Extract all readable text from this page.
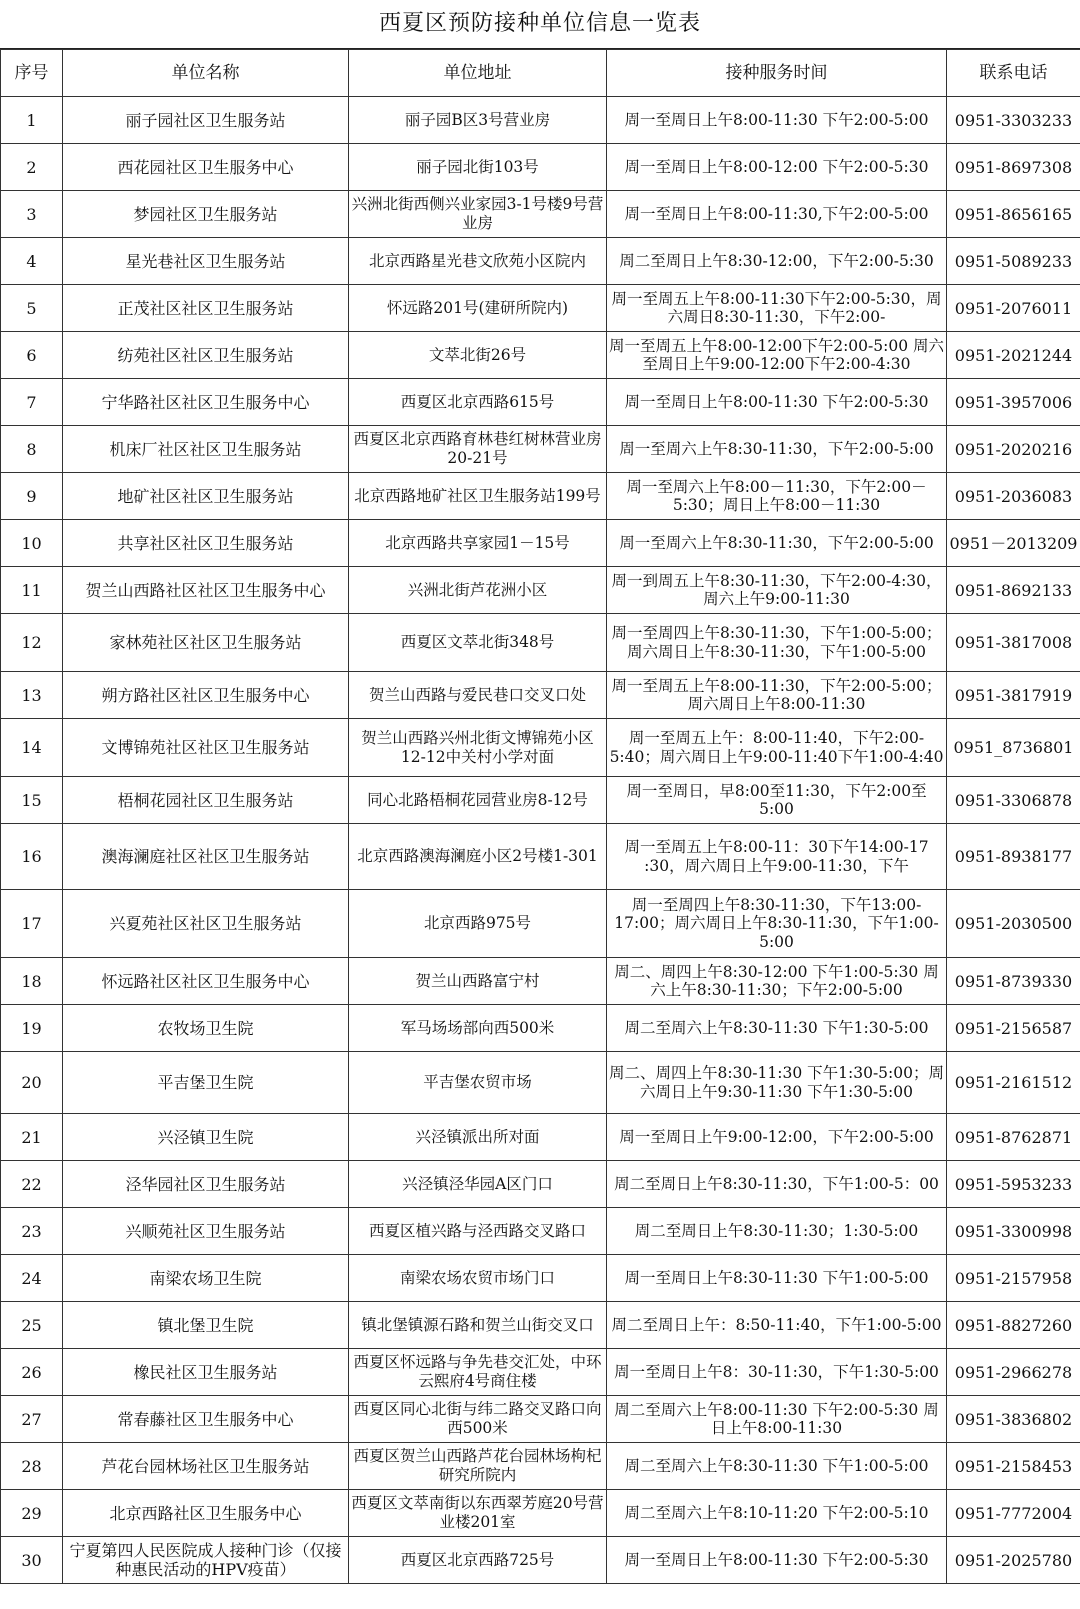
西夏区预防接种单位信息一览表
序号	单位名称	单位地址	接种服务时间	联系电话
1	丽子园社区卫生服务站	丽子园B区3号营业房	周一至周日上午8:00-11:30 下午2:00-5:00	0951-3303233
2	西花园社区卫生服务中心	丽子园北街103号	周一至周日上午8:00-12:00 下午2:00-5:30	0951-8697308
3	梦园社区卫生服务站	兴洲北街西侧兴业家园3-1号楼9号营业房	周一至周日上午8:00-11:30,下午2:00-5:00	0951-8656165
4	星光巷社区卫生服务站	北京西路星光巷文欣苑小区院内	周二至周日上午8:30-12:00，下午2:00-5:30	0951-5089233
5	正茂社区社区卫生服务站	怀远路201号(建研所院内)	周一至周五上午8:00-11:30下午2:00-5:30，周六周日8:30-11:30，下午2:00-	0951-2076011
6	纺苑社区社区卫生服务站	文萃北街26号	周一至周五上午8:00-12:00下午2:00-5:00 周六至周日上午9:00-12:00下午2:00-4:30	0951-2021244
7	宁华路社区社区卫生服务中心	西夏区北京西路615号	周一至周日上午8:00-11:30 下午2:00-5:30	0951-3957006
8	机床厂社区社区卫生服务站	西夏区北京西路育林巷红树林营业房20-21号	周一至周六上午8:30-11:30，下午2:00-5:00	0951-2020216
9	地矿社区社区卫生服务站	北京西路地矿社区卫生服务站199号	周一至周六上午8:00－11:30，下午2:00－5:30；周日上午8:00－11:30	0951-2036083
10	共享社区社区卫生服务站	北京西路共享家园1－15号	周一至周六上午8:30-11:30，下午2:00-5:00	0951－2013209
11	贺兰山西路社区社区卫生服务中心	兴洲北街芦花洲小区	周一到周五上午8:30-11:30，下午2:00-4:30，周六上午9:00-11:30	0951-8692133
12	家林苑社区社区卫生服务站	西夏区文萃北街348号	周一至周四上午8:30-11:30，下午1:00-5:00；周六周日上午8:30-11:30，下午1:00-5:00	0951-3817008
13	朔方路社区社区卫生服务中心	贺兰山西路与爱民巷口交叉口处	周一至周五上午8:00-11:30，下午2:00-5:00；周六周日上午8:00-11:30	0951-3817919
14	文博锦苑社区社区卫生服务站	贺兰山西路兴州北街文博锦苑小区12-12中关村小学对面	周一至周五上午：8:00-11:40，下午2:00-5:40；周六周日上午9:00-11:40下午1:00-4:40	0951_8736801
15	梧桐花园社区卫生服务站	同心北路梧桐花园营业房8-12号	周一至周日，早8:00至11:30，下午2:00至5:00	0951-3306878
16	澳海澜庭社区社区卫生服务站	北京西路澳海澜庭小区2号楼1-301	周一至周五上午8:00-11：30下午14:00-17 :30，周六周日上午9:00-11:30，下午	0951-8938177
17	兴夏苑社区社区卫生服务站	北京西路975号	周一至周四上午8:30-11:30，下午13:00-17:00；周六周日上午8:30-11:30，下午1:00-5:00	0951-2030500
18	怀远路社区社区卫生服务中心	贺兰山西路富宁村	周二、周四上午8:30-12:00 下午1:00-5:30 周六上午8:30-11:30；下午2:00-5:00	0951-8739330
19	农牧场卫生院	军马场场部向西500米	周二至周六上午8:30-11:30 下午1:30-5:00	0951-2156587
20	平吉堡卫生院	平吉堡农贸市场	周二、周四上午8:30-11:30 下午1:30-5:00；周六周日上午9:30-11:30 下午1:30-5:00	0951-2161512
21	兴泾镇卫生院	兴泾镇派出所对面	周一至周日上午9:00-12:00，下午2:00-5:00	0951-8762871
22	泾华园社区卫生服务站	兴泾镇泾华园A区门口	周二至周日上午8:30-11:30，下午1:00-5：00	0951-5953233
23	兴顺苑社区卫生服务站	西夏区植兴路与泾西路交叉路口	周二至周日上午8:30-11:30；1:30-5:00	0951-3300998
24	南梁农场卫生院	南梁农场农贸市场门口	周一至周日上午8:30-11:30 下午1:00-5:00	0951-2157958
25	镇北堡卫生院	镇北堡镇源石路和贺兰山街交叉口	周二至周日上午：8:50-11:40，下午1:00-5:00	0951-8827260
26	橡民社区卫生服务站	西夏区怀远路与争先巷交汇处，中环云熙府4号商住楼	周一至周日上午8：30-11:30，下午1:30-5:00	0951-2966278
27	常春藤社区卫生服务中心	西夏区同心北街与纬二路交叉路口向西500米	周二至周六上午8:00-11:30 下午2:00-5:30 周日上午8:00-11:30	0951-3836802
28	芦花台园林场社区卫生服务站	西夏区贺兰山西路芦花台园林场枸杞研究所院内	周二至周六上午8:30-11:30 下午1:00-5:00	0951-2158453
29	北京西路社区卫生服务中心	西夏区文萃南街以东西翠芳庭20号营业楼201室	周二至周六上午8:10-11:20 下午2:00-5:10	0951-7772004
30	宁夏第四人民医院成人接种门诊（仅接种惠民活动的HPV疫苗）	西夏区北京西路725号	周一至周日上午8:00-11:30 下午2:00-5:30	0951-2025780
